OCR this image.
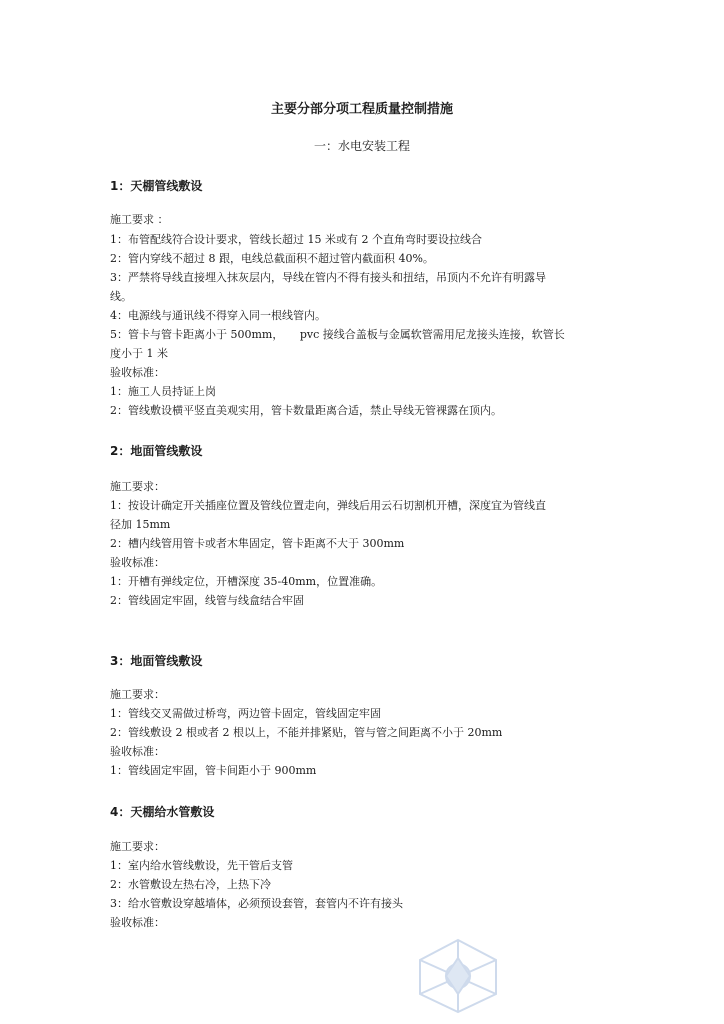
主要分部分项工程质量控制措施
一：水电安装工程
1：天棚管线敷设
施工要求 ：
1：布管配线符合设计要求，管线长超过 15 米或有 2 个直角弯时要设拉线合
2：管内穿线不超过 8 跟，电线总截面积不超过管内截面积 40%。
3：严禁将导线直接埋入抹灰层内，导线在管内不得有接头和扭结，吊顶内不允许有明露导
线。
4：电源线与通讯线不得穿入同一根线管内。
5：管卡与管卡距离小于 500mm，　　pvc 接线合盖板与金属软管需用尼龙接头连接，软管长
度小于 1 米
验收标准：
1：施工人员持证上岗
2：管线敷设横平竖直美观实用，管卡数量距离合适，禁止导线无管裸露在顶内。
2：地面管线敷设
施工要求：
1：按设计确定开关插座位置及管线位置走向，弹线后用云石切割机开槽，深度宜为管线直
径加 15mm
2：槽内线管用管卡或者木隼固定，管卡距离不大于 300mm
验收标准：
1：开槽有弹线定位，开槽深度 35-40mm，位置准确。
2：管线固定牢固，线管与线盒结合牢固
3：地面管线敷设
施工要求：
1：管线交叉需做过桥弯，两边管卡固定，管线固定牢固
2：管线敷设 2 根或者 2 根以上，不能并排紧贴，管与管之间距离不小于 20mm
验收标准：
1：管线固定牢固，管卡间距小于 900mm
4：天棚给水管敷设
施工要求：
1：室内给水管线敷设，先干管后支管
2：水管敷设左热右冷，上热下冷
3：给水管敷设穿越墙体，必须预设套管，套管内不许有接头
验收标准：
